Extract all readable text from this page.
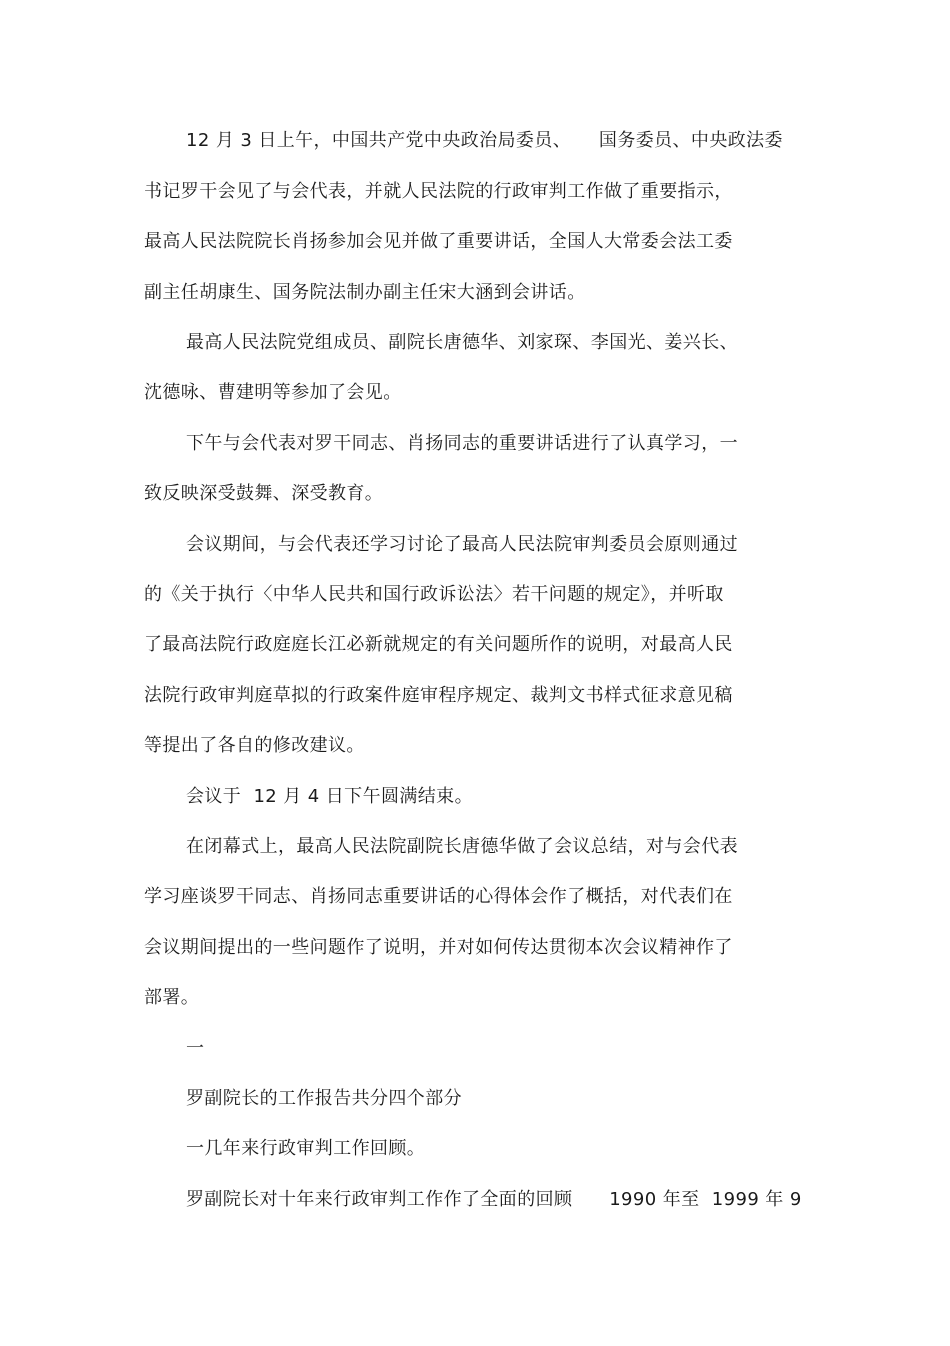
12 月 3 日上午，中国共产党中央政治局委员、　　国务委员、中央政法委
书记罗干会见了与会代表，并就人民法院的行政审判工作做了重要指示，
最高人民法院院长肖扬参加会见并做了重要讲话，全国人大常委会法工委
副主任胡康生、国务院法制办副主任宋大涵到会讲话。
最高人民法院党组成员、副院长唐德华、刘家琛、李国光、姜兴长、
沈德咏、曹建明等参加了会见。
下午与会代表对罗干同志、肖扬同志的重要讲话进行了认真学习，一
致反映深受鼓舞、深受教育。
会议期间，与会代表还学习讨论了最高人民法院审判委员会原则通过
的《关于执行〈中华人民共和国行政诉讼法〉若干问题的规定》，并听取
了最高法院行政庭庭长江必新就规定的有关问题所作的说明，对最高人民
法院行政审判庭草拟的行政案件庭审程序规定、裁判文书样式征求意见稿
等提出了各自的修改建议。
会议于  12 月 4 日下午圆满结束。
在闭幕式上，最高人民法院副院长唐德华做了会议总结，对与会代表
学习座谈罗干同志、肖扬同志重要讲话的心得体会作了概括，对代表们在
会议期间提出的一些问题作了说明，并对如何传达贯彻本次会议精神作了
部署。
一
罗副院长的工作报告共分四个部分
一几年来行政审判工作回顾。
罗副院长对十年来行政审判工作作了全面的回顾　　1990 年至  1999 年 9
